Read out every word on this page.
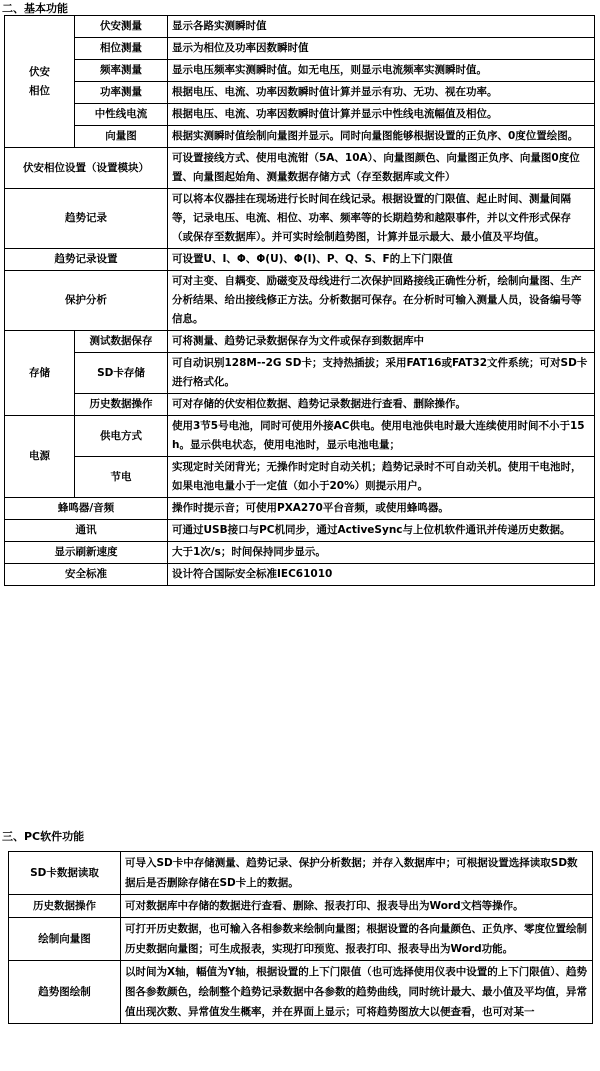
二、基本功能
伏安
相位	伏安测量	显示各路实测瞬时值
	相位测量	显示为相位及功率因数瞬时值
	频率测量	显示电压频率实测瞬时值。如无电压，则显示电流频率实测瞬时值。
	功率测量	根据电压、电流、功率因数瞬时值计算并显示有功、无功、视在功率。
	中性线电流	根据电压、电流、功率因数瞬时值计算并显示中性线电流幅值及相位。
	向量图	根据实测瞬时值绘制向量图并显示。同时向量图能够根据设置的正负序、0度位置绘图。
伏安相位设置（设置模块）		可设置接线方式、使用电流钳（5A、10A）、向量图颜色、向量图正负序、向量图0度位置、向量图起始角、测量数据存储方式（存至数据库或文件）
趋势记录		可以将本仪器挂在现场进行长时间在线记录。根据设置的门限值、起止时间、测量间隔等，记录电压、电流、相位、功率、频率等的长期趋势和越限事件，并以文件形式保存（或保存至数据库）。并可实时绘制趋势图，计算并显示最大、最小值及平均值。
趋势记录设置		可设置U、I、Φ、Φ(U)、Φ(I)、P、Q、S、F的上下门限值
保护分析		可对主变、自耦变、励磁变及母线进行二次保护回路接线正确性分析，绘制向量图、生产分析结果、给出接线修正方法。分析数据可保存。在分析时可输入测量人员，设备编号等信息。
存储	测试数据保存	可将测量、趋势记录数据保存为文件或保存到数据库中
	SD卡存储	可自动识别128M--2G SD卡；支持热插拔；采用FAT16或FAT32文件系统；可对SD卡进行格式化。
	历史数据操作	可对存储的伏安相位数据、趋势记录数据进行查看、删除操作。
电源	供电方式	使用3节5号电池，同时可使用外接AC供电。使用电池供电时最大连续使用时间不小于15h。显示供电状态，使用电池时，显示电池电量；
	节电	实现定时关闭背光；无操作时定时自动关机；趋势记录时不可自动关机。使用干电池时，如果电池电量小于一定值（如小于20%）则提示用户。
蜂鸣器/音频		操作时提示音；可使用PXA270平台音频，或使用蜂鸣器。
通讯		可通过USB接口与PC机同步，通过ActiveSync与上位机软件通讯并传递历史数据。
显示刷新速度		大于1次/s；时间保持同步显示。
安全标准		设计符合国际安全标准IEC61010
三、PC软件功能
SD卡数据读取	可导入SD卡中存储测量、趋势记录、保护分析数据；并存入数据库中；可根据设置选择读取SD数据后是否删除存储在SD卡上的数据。
历史数据操作	可对数据库中存储的数据进行查看、删除、报表打印、报表导出为Word文档等操作。
绘制向量图	可打开历史数据，也可输入各相参数来绘制向量图；根据设置的各向量颜色、正负序、零度位置绘制历史数据向量图；可生成报表，实现打印预览、报表打印、报表导出为Word功能。
趋势图绘制	以时间为X轴，幅值为Y轴，根据设置的上下门限值（也可选择使用仪表中设置的上下门限值）、趋势图各参数颜色，绘制整个趋势记录数据中各参数的趋势曲线，同时统计最大、最小值及平均值，异常值出现次数、异常值发生概率，并在界面上显示；可将趋势图放大以便查看，也可对某一
